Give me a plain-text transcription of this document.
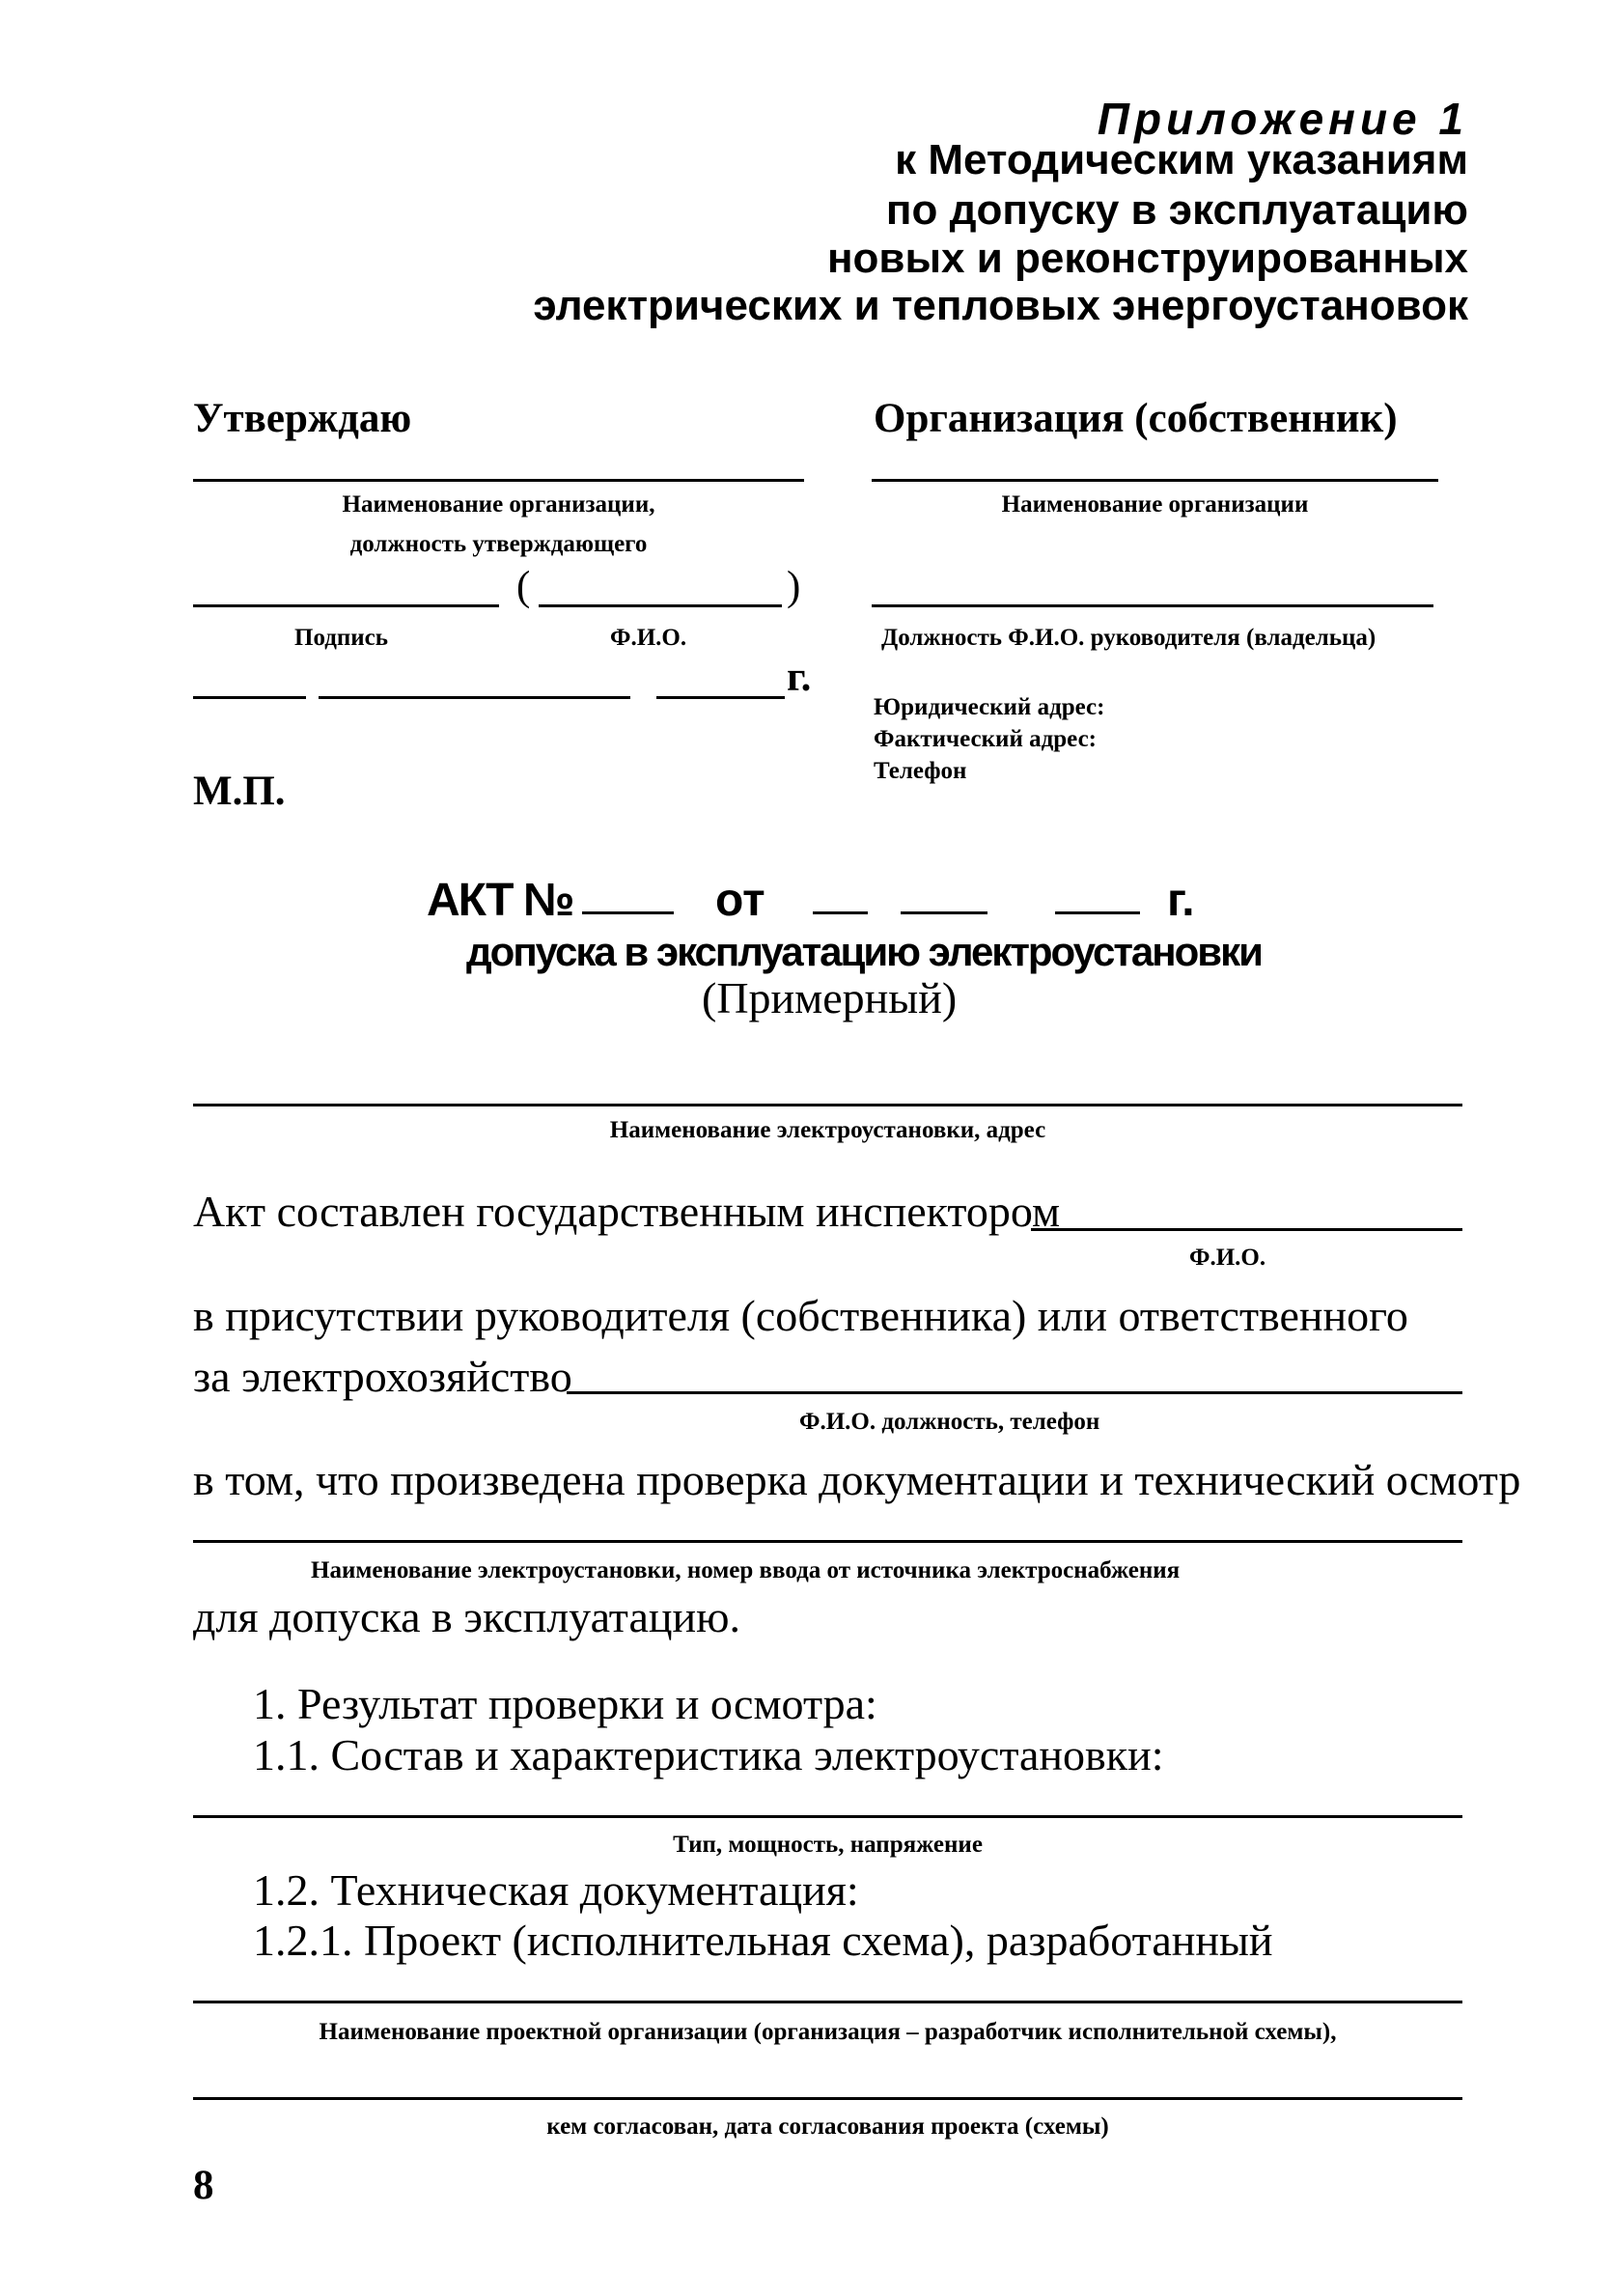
Приложение 1
к Методическим указаниям
по допуску в эксплуатацию
новых и реконструированных
электрических и тепловых энергоустановок
Утверждаю
Наименование организации,
должность утверждающего
(	)
Подпись	Ф.И.О.
г.
М.П.
Организация (собственник)
Наименование организации
Должность Ф.И.О. руководителя (владельца)
Юридический адрес:
Фактический адрес:
Телефон
АКТ №	от	г.
допуска в эксплуатацию электроустановки
(Примерный)
Наименование электроустановки, адрес
Акт составлен государственным инспектором
Ф.И.О.
в присутствии руководителя (собственника) или ответственного
за электрохозяйство
Ф.И.О. должность, телефон
в том, что произведена проверка документации и технический осмотр
Наименование электроустановки, номер ввода от источника электроснабжения
для допуска в эксплуатацию.
1. Результат проверки и осмотра:
1.1. Состав и характеристика электроустановки:
Тип, мощность, напряжение
1.2. Техническая документация:
1.2.1. Проект (исполнительная схема), разработанный
Наименование проектной организации (организация – разработчик исполнительной схемы),
кем согласован, дата согласования проекта (схемы)
8
